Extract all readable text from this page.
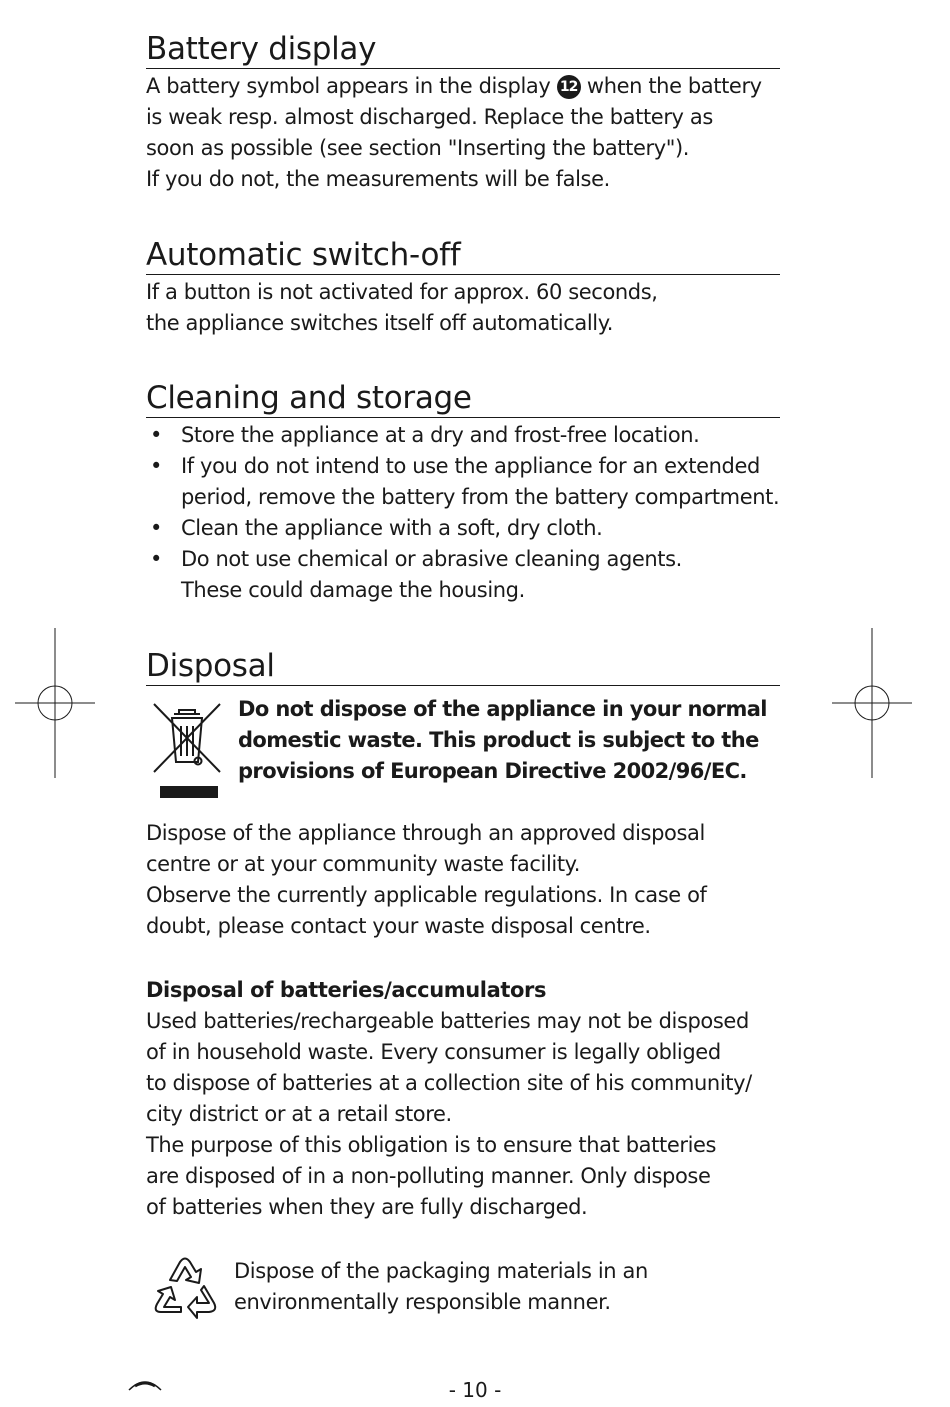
Battery display

A battery symbol appears in the display 12 when the battery
is weak resp. almost discharged. Replace the battery as
soon as possible (see section "Inserting the battery").
If you do not, the measurements will be false.

Automatic switch-off

If a button is not activated for approx. 60 seconds,
the appliance switches itself off automatically.

Cleaning and storage
• Store the appliance at a dry and frost-free location.
• If you do not intend to use the appliance for an extended
period, remove the battery from the battery compartment.
• Clean the appliance with a soft, dry cloth.
• Do not use chemical or abrasive cleaning agents.
These could damage the housing.
Disposal

Do not dispose of the appliance in your normal
domestic waste. This product is subject to the
provisions of European Directive 2002/96/EC.

Dispose of the appliance through an approved disposal
centre or at your community waste facility.
Observe the currently applicable regulations. In case of
doubt, please contact your waste disposal centre.

Disposal of batteries/accumulators

Used batteries/rechargeable batteries may not be disposed
of in household waste. Every consumer is legally obliged
to dispose of batteries at a collection site of his community/
city district or at a retail store.
The purpose of this obligation is to ensure that batteries
are disposed of in a non-polluting manner. Only dispose
of batteries when they are fully discharged.

Dispose of the packaging materials in an
environmentally responsible manner.

- 10 -
